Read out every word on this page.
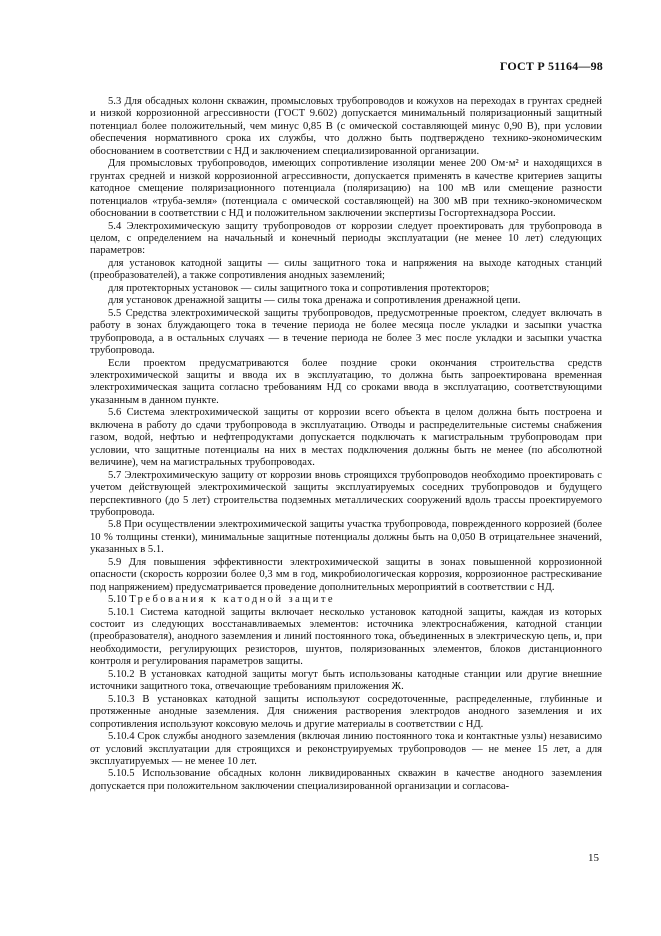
ГОСТ Р 51164—98

5.3 Для обсадных колонн скважин, промысловых трубопроводов и кожухов на переходах в грунтах средней и низкой коррозионной агрессивности (ГОСТ 9.602) допускается минимальный поляризационный защитный потенциал более положительный, чем минус 0,85 В (с омической составляющей минус 0,90 В), при условии обеспечения нормативного срока их службы, что должно быть подтверждено технико-экономическим обоснованием в соответствии с НД и заключением специализированной организации.

Для промысловых трубопроводов, имеющих сопротивление изоляции менее 200 Ом·м² и находящихся в грунтах средней и низкой коррозионной агрессивности, допускается применять в качестве критериев защиты катодное смещение поляризационного потенциала (поляризацию) на 100 мВ или смещение разности потенциалов «труба-земля» (потенциала с омической составляющей) на 300 мВ при технико-экономическом обосновании в соответствии с НД и положительном заключении экспертизы Госгортехнадзора России.

5.4 Электрохимическую защиту трубопроводов от коррозии следует проектировать для трубопровода в целом, с определением на начальный и конечный периоды эксплуатации (не менее 10 лет) следующих параметров:

для установок катодной защиты — силы защитного тока и напряжения на выходе катодных станций (преобразователей), а также сопротивления анодных заземлений;

для протекторных установок — силы защитного тока и сопротивления протекторов;

для установок дренажной защиты — силы тока дренажа и сопротивления дренажной цепи.

5.5 Средства электрохимической защиты трубопроводов, предусмотренные проектом, следует включать в работу в зонах блуждающего тока в течение периода не более месяца после укладки и засыпки участка трубопровода, а в остальных случаях — в течение периода не более 3 мес после укладки и засыпки участка трубопровода.

Если проектом предусматриваются более поздние сроки окончания строительства средств электрохимической защиты и ввода их в эксплуатацию, то должна быть запроектирована временная электрохимическая защита согласно требованиям НД со сроками ввода в эксплуатацию, соответствующими указанным в данном пункте.

5.6 Система электрохимической защиты от коррозии всего объекта в целом должна быть построена и включена в работу до сдачи трубопровода в эксплуатацию. Отводы и распределительные системы снабжения газом, водой, нефтью и нефтепродуктами допускается подключать к магистральным трубопроводам при условии, что защитные потенциалы на них в местах подключения должны быть не менее (по абсолютной величине), чем на магистральных трубопроводах.

5.7 Электрохимическую защиту от коррозии вновь строящихся трубопроводов необходимо проектировать с учетом действующей электрохимической защиты эксплуатируемых соседних трубопроводов и будущего перспективного (до 5 лет) строительства подземных металлических сооружений вдоль трассы проектируемого трубопровода.

5.8 При осуществлении электрохимической защиты участка трубопровода, поврежденного коррозией (более 10 % толщины стенки), минимальные защитные потенциалы должны быть на 0,050 В отрицательнее значений, указанных в 5.1.

5.9 Для повышения эффективности электрохимической защиты в зонах повышенной коррозионной опасности (скорость коррозии более 0,3 мм в год, микробиологическая коррозия, коррозионное растрескивание под напряжением) предусматривается проведение дополнительных мероприятий в соответствии с НД.

5.10 Требования к катодной защите

5.10.1 Система катодной защиты включает несколько установок катодной защиты, каждая из которых состоит из следующих восстанавливаемых элементов: источника электроснабжения, катодной станции (преобразователя), анодного заземления и линий постоянного тока, объединенных в электрическую цепь, и, при необходимости, регулирующих резисторов, шунтов, поляризованных элементов, блоков дистанционного контроля и регулирования параметров защиты.

5.10.2 В установках катодной защиты могут быть использованы катодные станции или другие внешние источники защитного тока, отвечающие требованиям приложения Ж.

5.10.3 В установках катодной защиты используют сосредоточенные, распределенные, глубинные и протяженные анодные заземления. Для снижения растворения электродов анодного заземления и их сопротивления используют коксовую мелочь и другие материалы в соответствии с НД.

5.10.4 Срок службы анодного заземления (включая линию постоянного тока и контактные узлы) независимо от условий эксплуатации для строящихся и реконструируемых трубопроводов — не менее 15 лет, а для эксплуатируемых — не менее 10 лет.

5.10.5 Использование обсадных колонн ликвидированных скважин в качестве анодного заземления допускается при положительном заключении специализированной организации и согласова-

15
